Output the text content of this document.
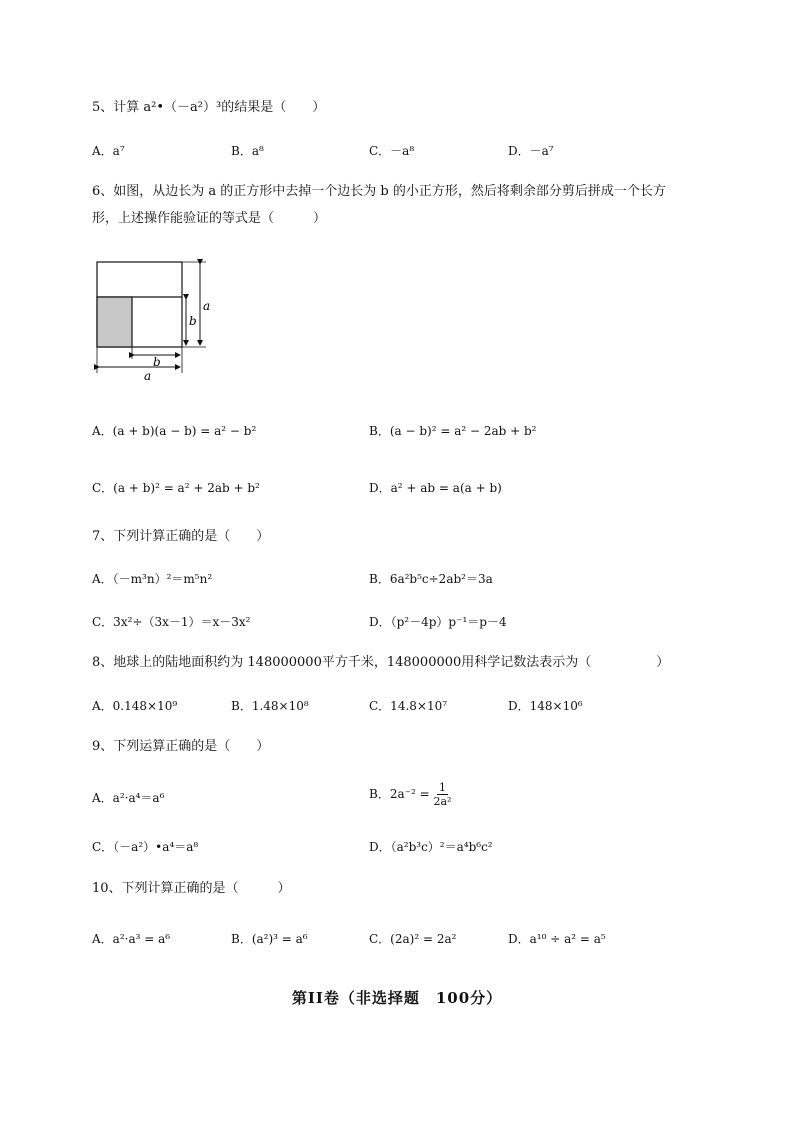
5、计算 a²•（－a²）³的结果是（　　）
A．a⁷	B．a⁸	C．－a⁸	D．－a⁷
6、如图，从边长为 a 的正方形中去掉一个边长为 b 的小正方形，然后将剩余部分剪后拼成一个长方
形，上述操作能验证的等式是（　　　）
a
b
b
a
A．(a + b)(a − b) = a² − b²	B．(a − b)² = a² − 2ab + b²
C．(a + b)² = a² + 2ab + b²	D．a² + ab = a(a + b)
7、下列计算正确的是（　　）
A．（－m³n）²＝m⁵n²	B．6a²b⁵c÷2ab²＝3a
C．3x²÷（3x－1）＝x－3x²	D．（p²－4p）p⁻¹＝p－4
8、地球上的陆地面积约为 148000000平方千米，148000000用科学记数法表示为（　　　　　）
A．0.148×10⁹	B．1.48×10⁸	C．14.8×10⁷	D．148×10⁶
9、下列运算正确的是（　　）
A．a²·a⁴＝a⁶	B．$2a^{-2} = \frac{1}{\text{2a²}}$
C．（－a²）•a⁴＝a⁸	D．（a²b³c）²＝a⁴b⁶c²
10、下列计算正确的是（　　　）
A．a²·a³ = a⁶	B．(a²)³ = a⁶	C．(2a)² = 2a²	D．a¹⁰ ÷ a² = a⁵
第II卷（非选择题　100分）
